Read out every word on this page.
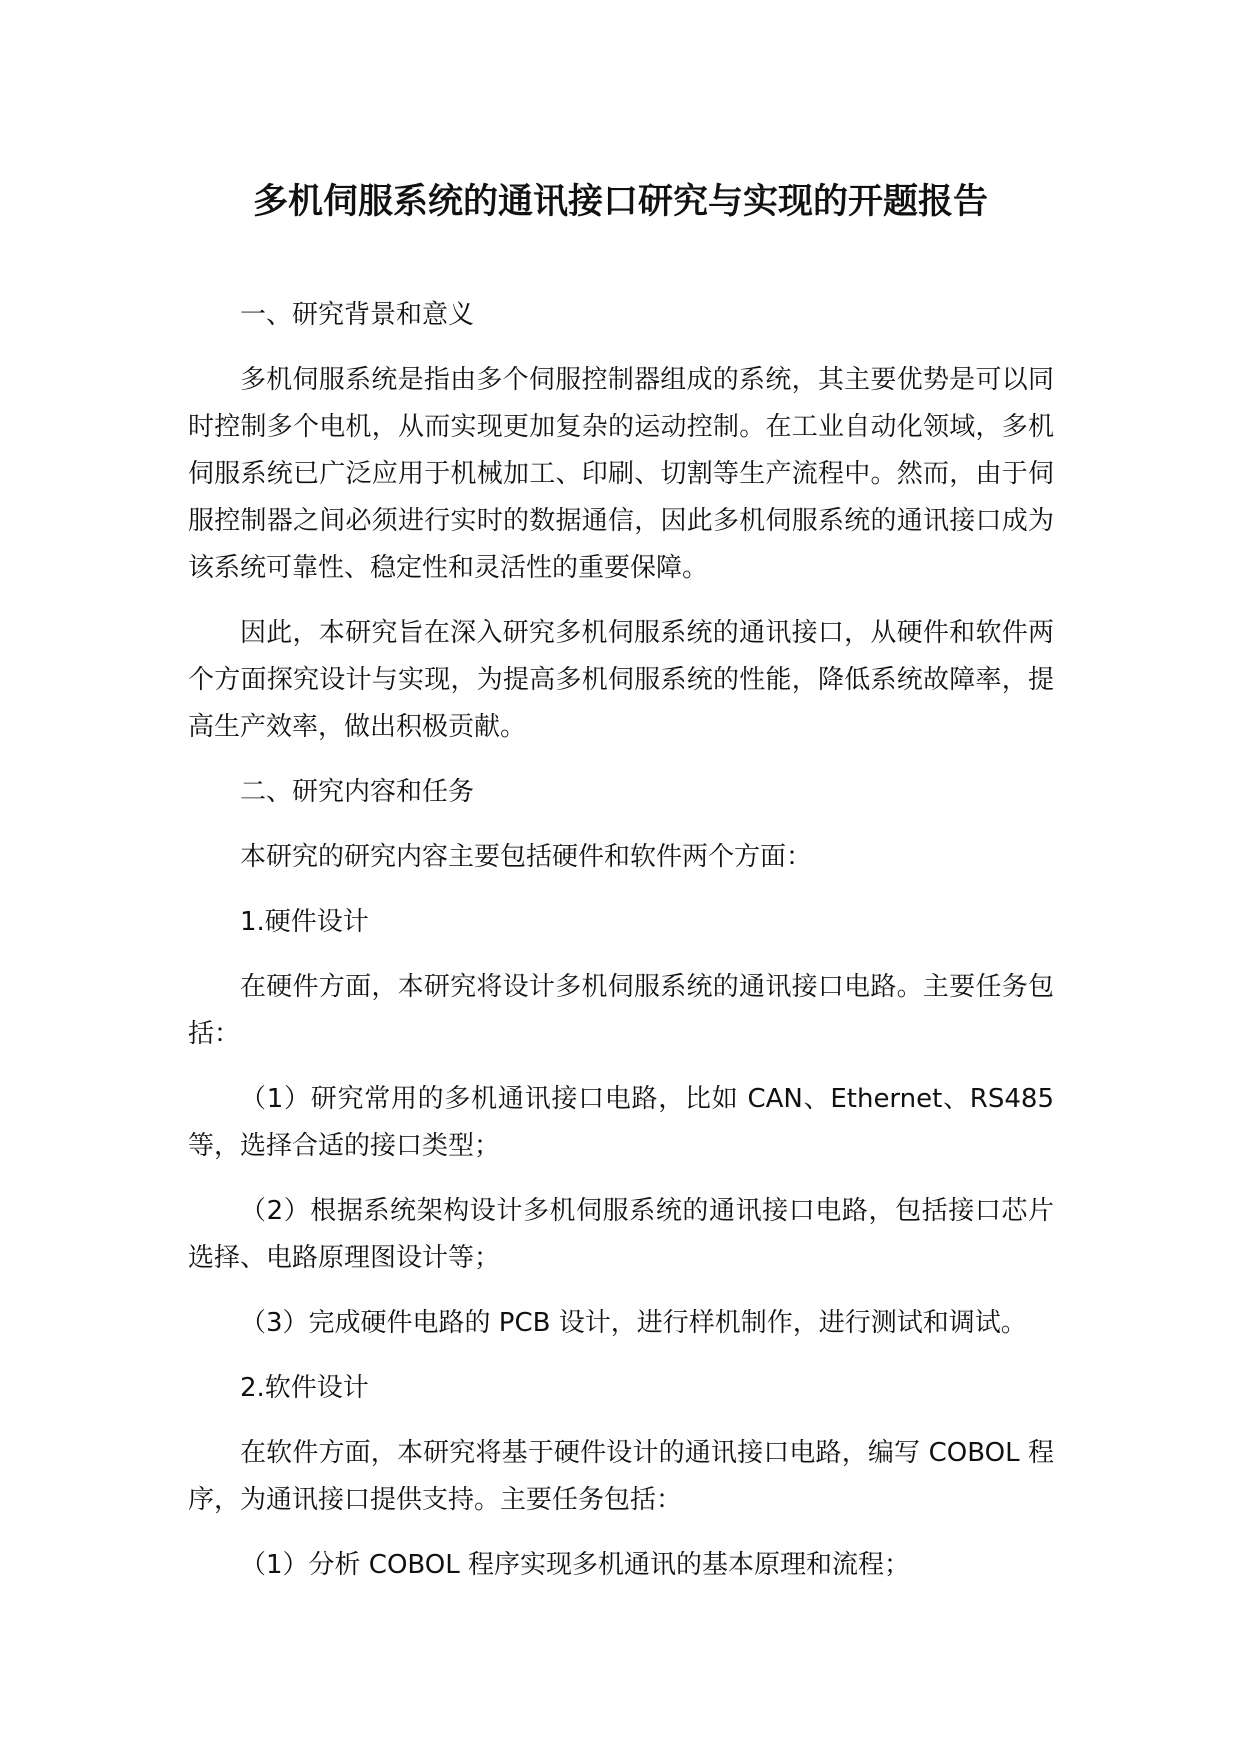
多机伺服系统的通讯接口研究与实现的开题报告

一、研究背景和意义

多机伺服系统是指由多个伺服控制器组成的系统，其主要优势是可以同时控制多个电机，从而实现更加复杂的运动控制。在工业自动化领域，多机伺服系统已广泛应用于机械加工、印刷、切割等生产流程中。然而，由于伺服控制器之间必须进行实时的数据通信，因此多机伺服系统的通讯接口成为该系统可靠性、稳定性和灵活性的重要保障。

因此，本研究旨在深入研究多机伺服系统的通讯接口，从硬件和软件两个方面探究设计与实现，为提高多机伺服系统的性能，降低系统故障率，提高生产效率，做出积极贡献。

二、研究内容和任务

本研究的研究内容主要包括硬件和软件两个方面：

1.硬件设计

在硬件方面，本研究将设计多机伺服系统的通讯接口电路。主要任务包括：

（1）研究常用的多机通讯接口电路，比如 CAN、Ethernet、RS485 等，选择合适的接口类型；

（2）根据系统架构设计多机伺服系统的通讯接口电路，包括接口芯片选择、电路原理图设计等；

（3）完成硬件电路的 PCB 设计，进行样机制作，进行测试和调试。

2.软件设计

在软件方面，本研究将基于硬件设计的通讯接口电路，编写 COBOL 程序，为通讯接口提供支持。主要任务包括：

（1）分析 COBOL 程序实现多机通讯的基本原理和流程；
